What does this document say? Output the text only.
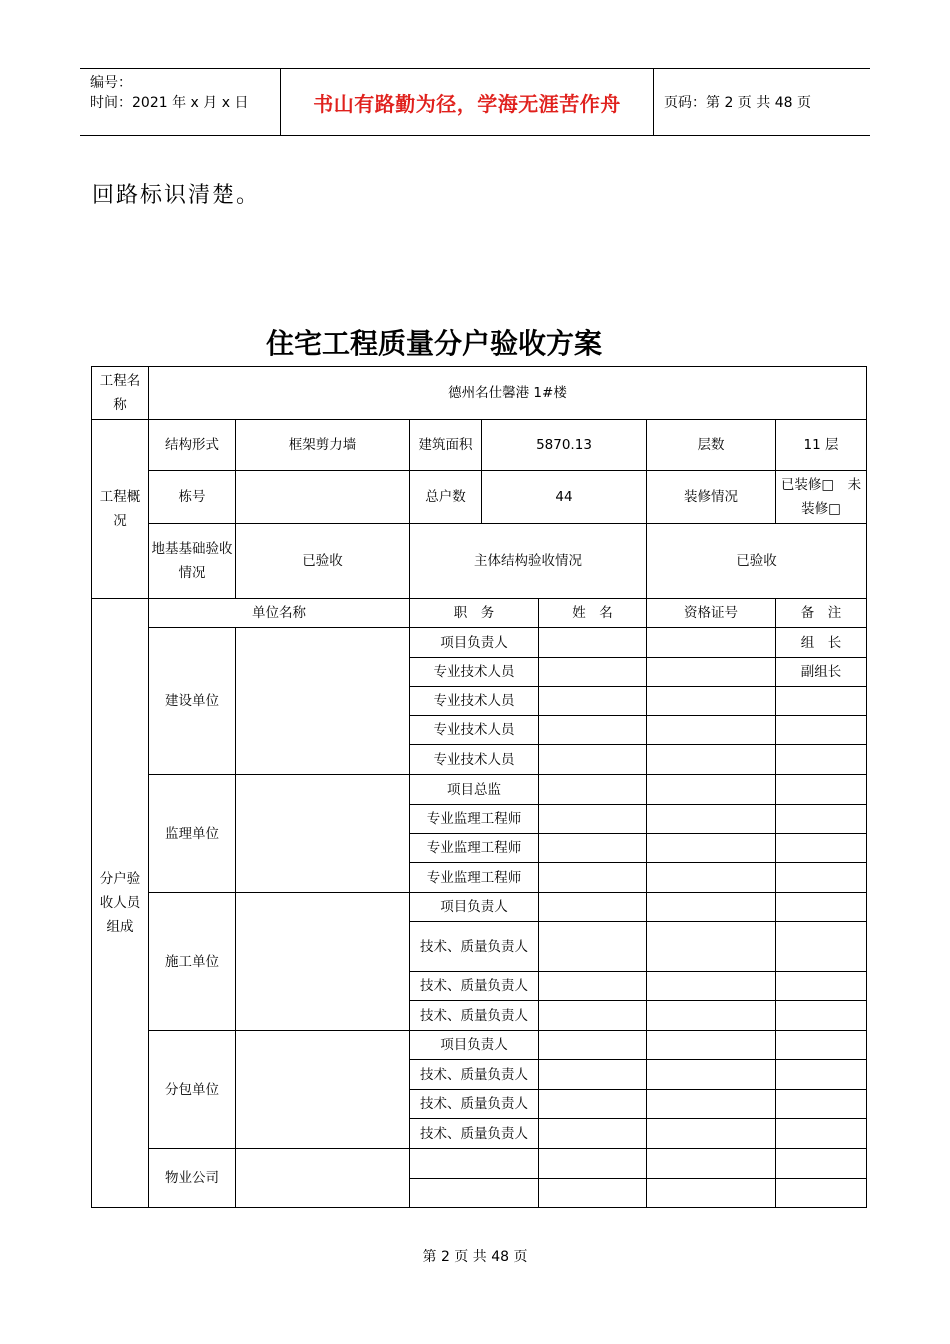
编号：
时间：2021 年 x 月 x 日	书山有路勤为径，学海无涯苦作舟	页码：第 2 页 共 48 页
回路标识清楚。
住宅工程质量分户验收方案
工程名称	德州名仕馨港 1#楼						
工程概况	结构形式	框架剪力墙	建筑面积	5870.13		层数	11 层
	栋号		总户数	44		装修情况	已装修□　未装修□
	地基基础验收情况	已验收	主体结构验收情况			已验收	
分户验收人员组成	单位名称		职　务		姓　名	资格证号	备　注
	建设单位		项目负责人				组　长
			专业技术人员				副组长
			专业技术人员				
			专业技术人员				
			专业技术人员				
	监理单位		项目总监				
			专业监理工程师				
			专业监理工程师				
			专业监理工程师				
	施工单位		项目负责人				
			技术、质量负责人				
			技术、质量负责人				
			技术、质量负责人				
	分包单位		项目负责人				
			技术、质量负责人				
			技术、质量负责人				
			技术、质量负责人				
	物业公司						

第 2 页 共 48 页
